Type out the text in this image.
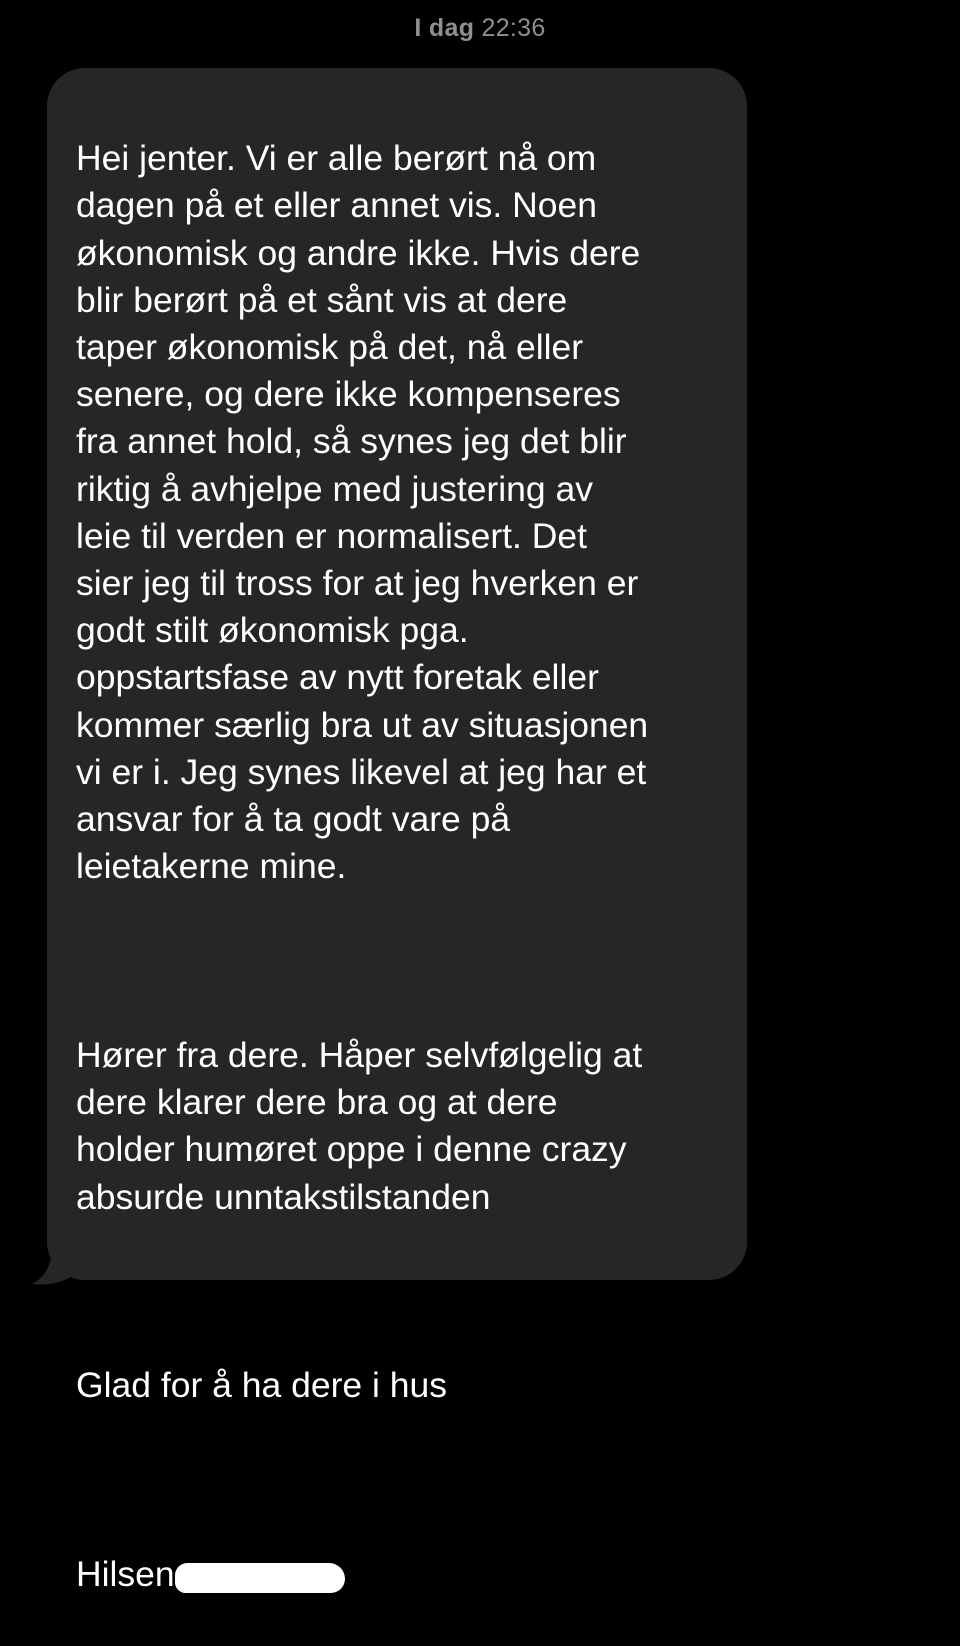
I dag 22:36

Hei jenter. Vi er alle berørt nå om
dagen på et eller annet vis. Noen
økonomisk og andre ikke. Hvis dere
blir berørt på et sånt vis at dere
taper økonomisk på det, nå eller
senere, og dere ikke kompenseres
fra annet hold, så synes jeg det blir
riktig å avhjelpe med justering av
leie til verden er normalisert. Det
sier jeg til tross for at jeg hverken er
godt stilt økonomisk pga.
oppstartsfase av nytt foretak eller
kommer særlig bra ut av situasjonen
vi er i. Jeg synes likevel at jeg har et
ansvar for å ta godt vare på
leietakerne mine.

Hører fra dere. Håper selvfølgelig at
dere klarer dere bra og at dere
holder humøret oppe i denne crazy
absurde unntakstilstanden

Glad for å ha dere i hus

Hilsen
